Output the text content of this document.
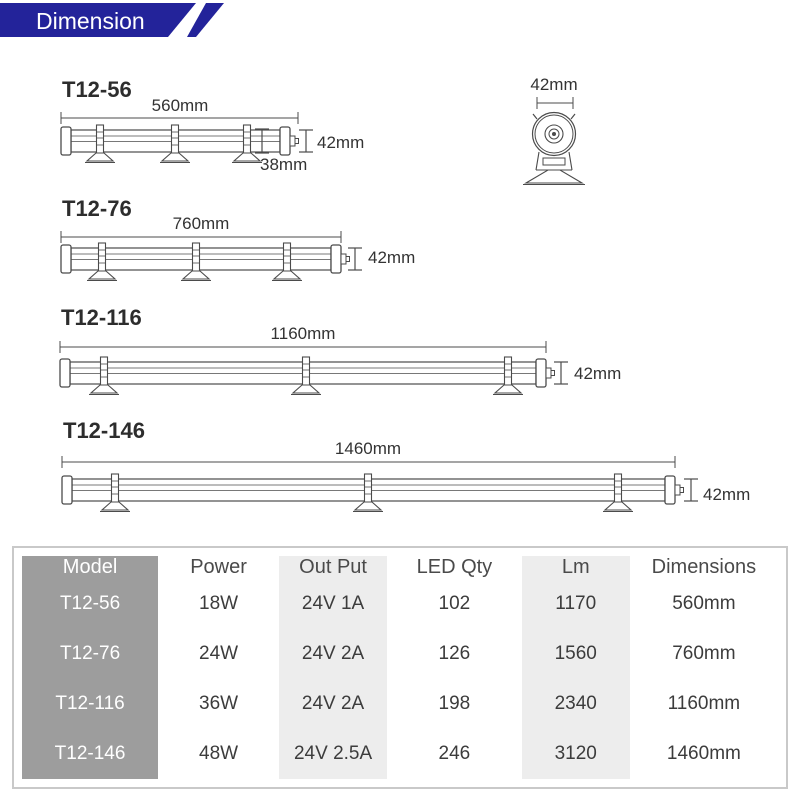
Dimension
T12-56
560mm
42mm
38mm
T12-76
760mm
42mm
T12-116
1160mm
42mm
T12-146
1460mm
42mm
42mm
Model	Power	Out Put	LED Qty	Lm	Dimensions
T12-56	18W	24V 1A	102	1170	560mm
T12-76	24W	24V 2A	126	1560	760mm
T12-116	36W	24V 2A	198	2340	1160mm
T12-146	48W	24V 2.5A	246	3120	1460mm
